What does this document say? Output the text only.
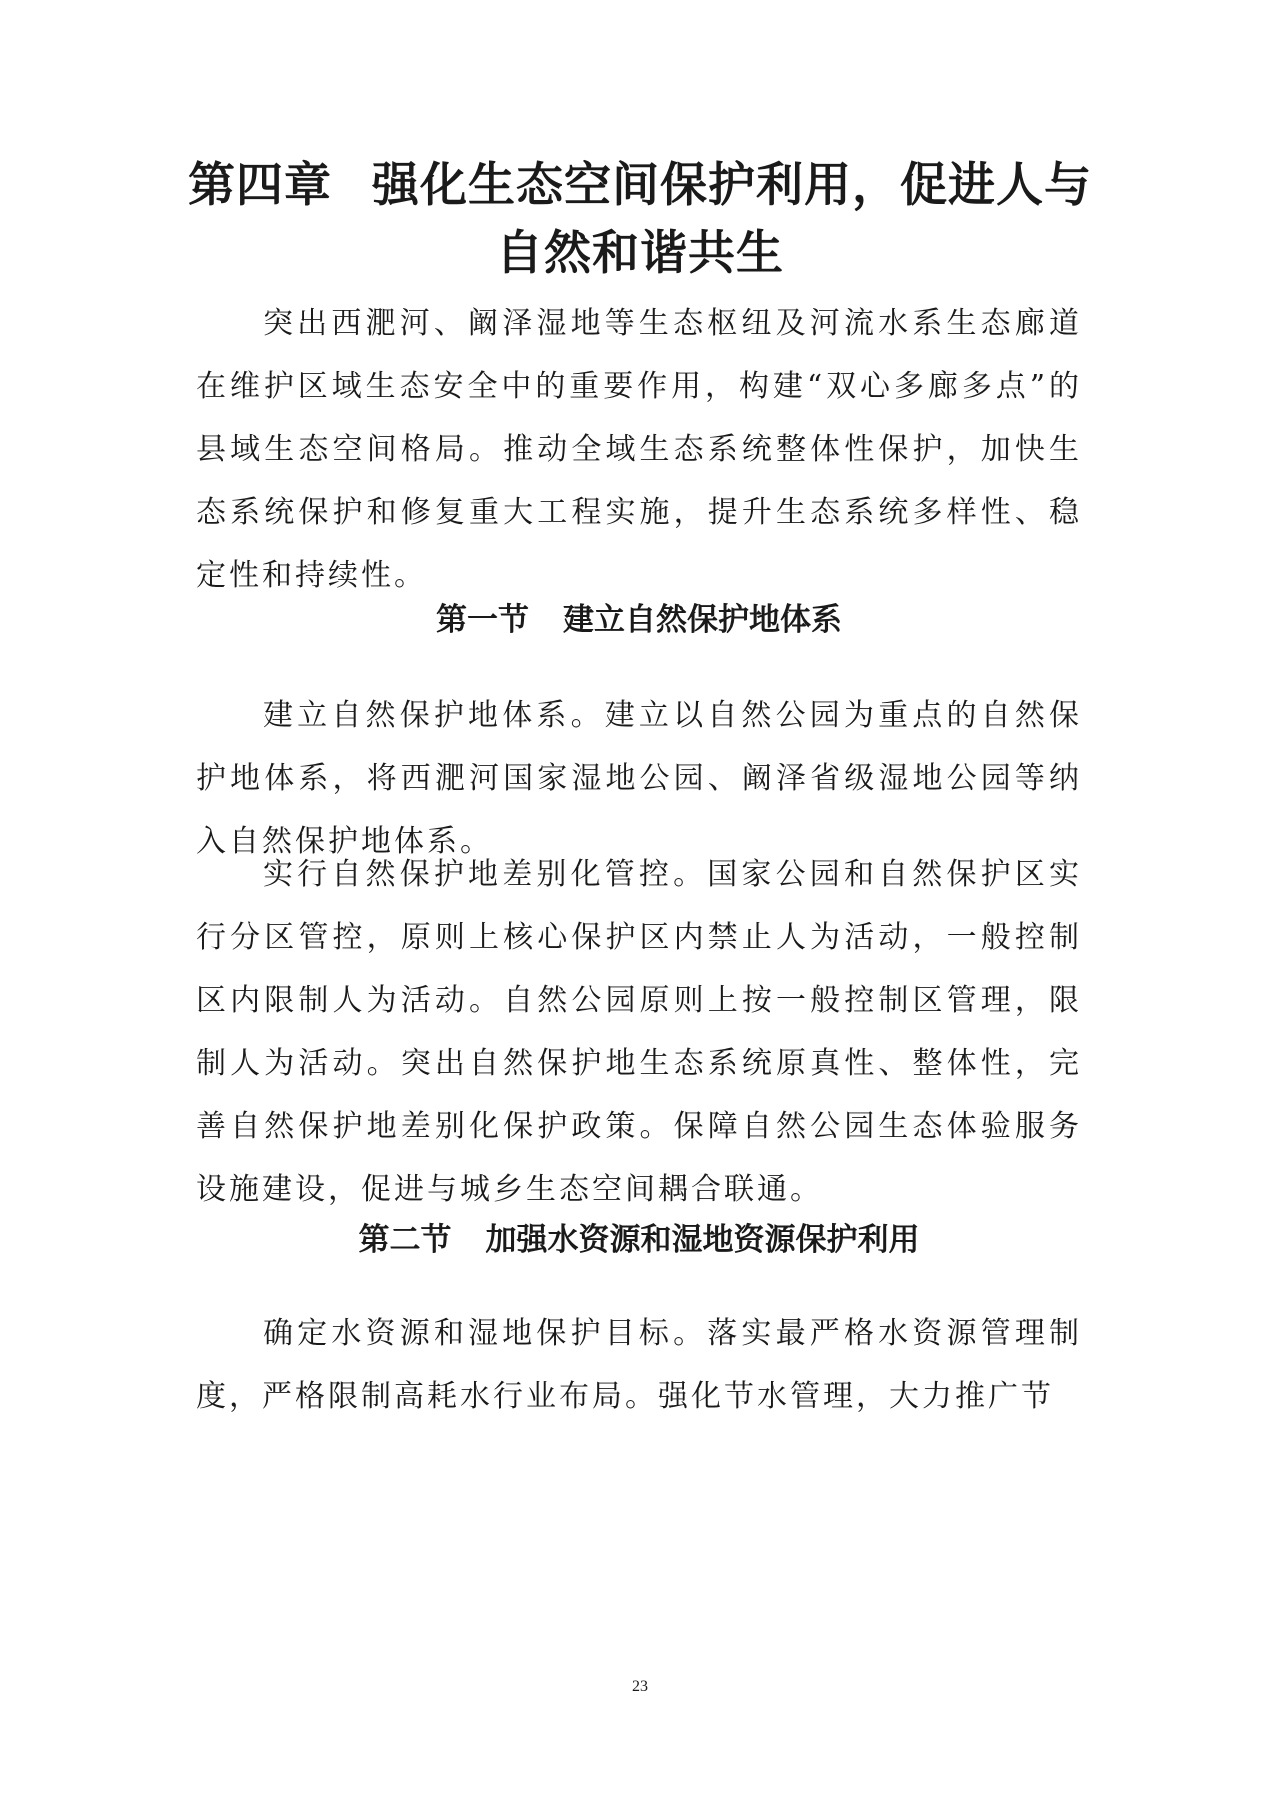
第四章 强化生态空间保护利用，促进人与
自然和谐共生

突出西淝河、阚泽湿地等生态枢纽及河流水系生态廊道在维护区域生态安全中的重要作用，构建“双心多廊多点”的县域生态空间格局。推动全域生态系统整体性保护，加快生态系统保护和修复重大工程实施，提升生态系统多样性、稳定性和持续性。

第一节 建立自然保护地体系

建立自然保护地体系。建立以自然公园为重点的自然保护地体系，将西淝河国家湿地公园、阚泽省级湿地公园等纳入自然保护地体系。

实行自然保护地差别化管控。国家公园和自然保护区实行分区管控，原则上核心保护区内禁止人为活动，一般控制区内限制人为活动。自然公园原则上按一般控制区管理，限制人为活动。突出自然保护地生态系统原真性、整体性，完善自然保护地差别化保护政策。保障自然公园生态体验服务设施建设，促进与城乡生态空间耦合联通。

第二节 加强水资源和湿地资源保护利用

确定水资源和湿地保护目标。落实最严格水资源管理制度，严格限制高耗水行业布局。强化节水管理，大力推广节

23
